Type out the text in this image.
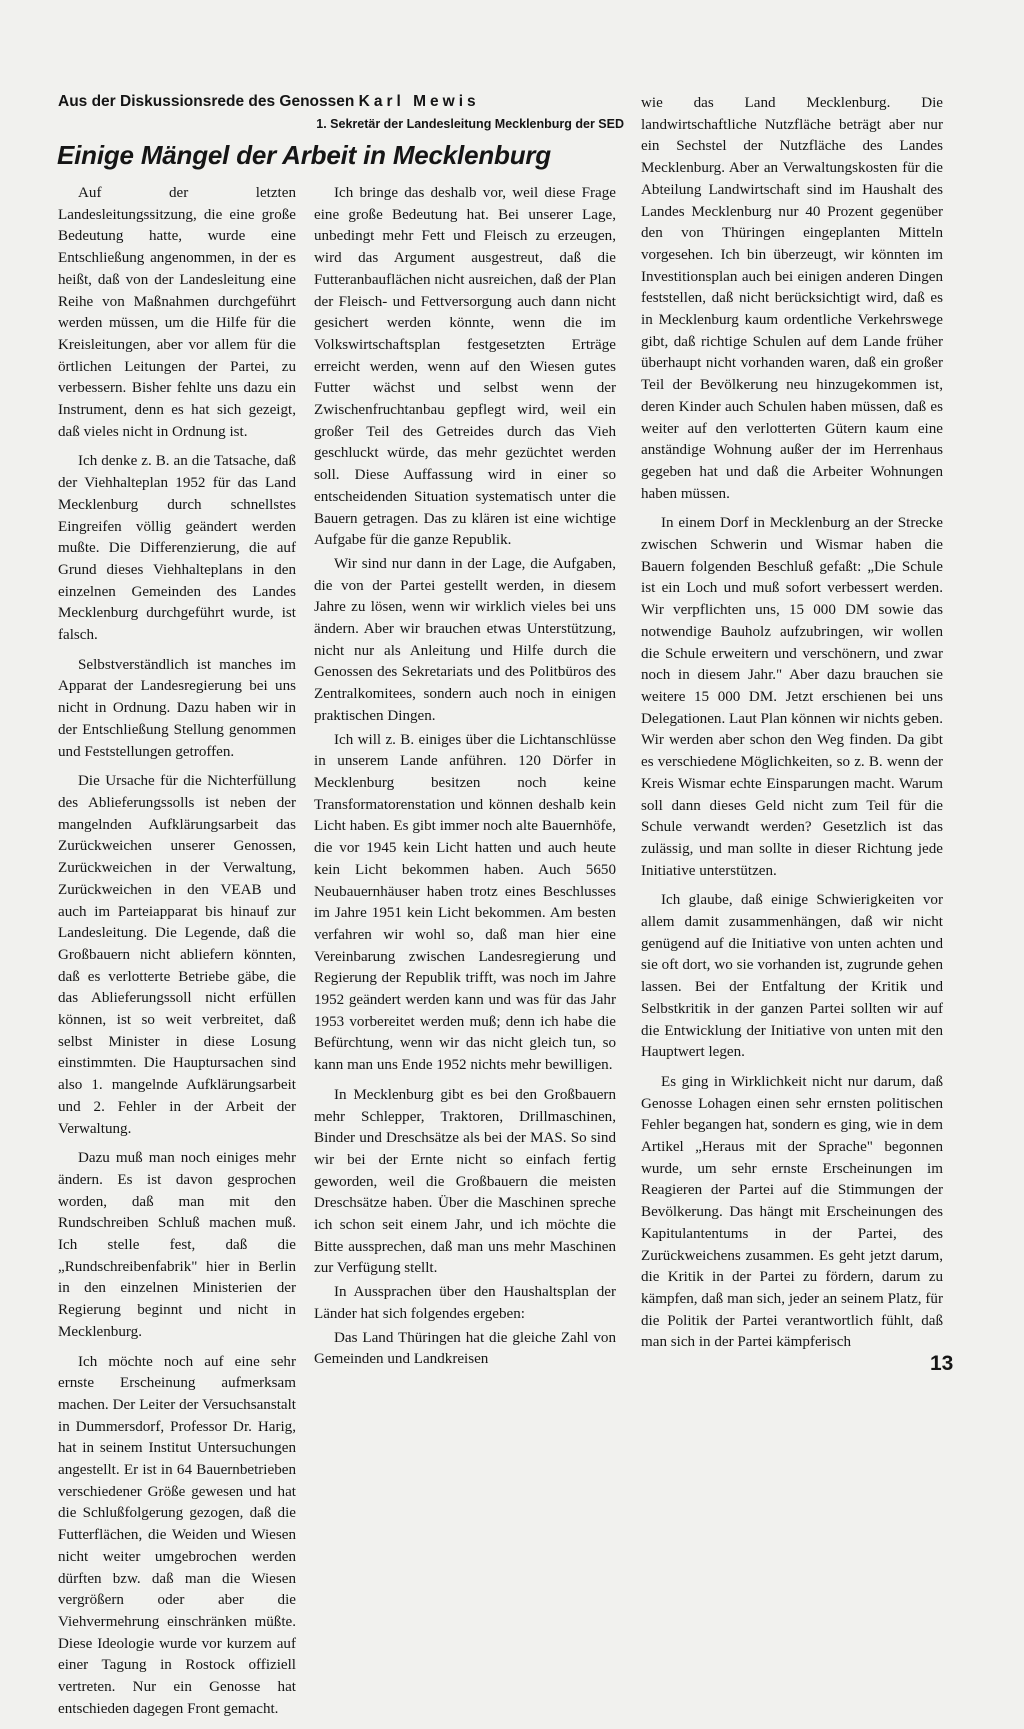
Aus der Diskussionsrede des Genossen Karl Mewis
1. Sekretär der Landesleitung Mecklenburg der SED
Einige Mängel der Arbeit in Mecklenburg

Auf der letzten Landesleitungssitzung, die eine große Bedeutung hatte, wurde eine Entschließung angenommen, in der es heißt, daß von der Landesleitung eine Reihe von Maßnahmen durchgeführt werden müssen, um die Hilfe für die Kreisleitungen, aber vor allem für die örtlichen Leitungen der Partei, zu verbessern. Bisher fehlte uns dazu ein Instrument, denn es hat sich gezeigt, daß vieles nicht in Ordnung ist.

Ich denke z. B. an die Tatsache, daß der Viehhalteplan 1952 für das Land Mecklenburg durch schnellstes Eingreifen völlig geändert werden mußte. Die Differenzierung, die auf Grund dieses Viehhalteplans in den einzelnen Gemeinden des Landes Mecklenburg durchgeführt wurde, ist falsch.

Selbstverständlich ist manches im Apparat der Landesregierung bei uns nicht in Ordnung. Dazu haben wir in der Entschließung Stellung genommen und Feststellungen getroffen.

Die Ursache für die Nichterfüllung des Ablieferungssolls ist neben der mangelnden Aufklärungsarbeit das Zurückweichen unserer Genossen, Zurückweichen in der Verwaltung, Zurückweichen in den VEAB und auch im Parteiapparat bis hinauf zur Landesleitung. Die Legende, daß die Großbauern nicht abliefern könnten, daß es verlotterte Betriebe gäbe, die das Ablieferungssoll nicht erfüllen können, ist so weit verbreitet, daß selbst Minister in diese Losung einstimmten. Die Hauptursachen sind also 1. mangelnde Aufklärungsarbeit und 2. Fehler in der Arbeit der Verwaltung.

Dazu muß man noch einiges mehr ändern. Es ist davon gesprochen worden, daß man mit den Rundschreiben Schluß machen muß. Ich stelle fest, daß die „Rundschreibenfabrik" hier in Berlin in den einzelnen Ministerien der Regierung beginnt und nicht in Mecklenburg.

Ich möchte noch auf eine sehr ernste Erscheinung aufmerksam machen. Der Leiter der Versuchsanstalt in Dummersdorf, Professor Dr. Harig, hat in seinem Institut Untersuchungen angestellt. Er ist in 64 Bauernbetrieben verschiedener Größe gewesen und hat die Schlußfolgerung gezogen, daß die Futterflächen, die Weiden und Wiesen nicht weiter umgebrochen werden dürften bzw. daß man die Wiesen vergrößern oder aber die Viehvermehrung einschränken müßte. Diese Ideologie wurde vor kurzem auf einer Tagung in Rostock offiziell vertreten. Nur ein Genosse hat entschieden dagegen Front gemacht.

Ich bringe das deshalb vor, weil diese Frage eine große Bedeutung hat. Bei unserer Lage, unbedingt mehr Fett und Fleisch zu erzeugen, wird das Argument ausgestreut, daß die Futteranbauflächen nicht ausreichen, daß der Plan der Fleisch- und Fettversorgung auch dann nicht gesichert werden könnte, wenn die im Volkswirtschaftsplan festgesetzten Erträge erreicht werden, wenn auf den Wiesen gutes Futter wächst und selbst wenn der Zwischenfruchtanbau gepflegt wird, weil ein großer Teil des Getreides durch das Vieh geschluckt würde, das mehr gezüchtet werden soll. Diese Auffassung wird in einer so entscheidenden Situation systematisch unter die Bauern getragen. Das zu klären ist eine wichtige Aufgabe für die ganze Republik.

Wir sind nur dann in der Lage, die Aufgaben, die von der Partei gestellt werden, in diesem Jahre zu lösen, wenn wir wirklich vieles bei uns ändern. Aber wir brauchen etwas Unterstützung, nicht nur als Anleitung und Hilfe durch die Genossen des Sekretariats und des Politbüros des Zentralkomitees, sondern auch noch in einigen praktischen Dingen.

Ich will z. B. einiges über die Lichtanschlüsse in unserem Lande anführen. 120 Dörfer in Mecklenburg besitzen noch keine Transformatorenstation und können deshalb kein Licht haben. Es gibt immer noch alte Bauernhöfe, die vor 1945 kein Licht hatten und auch heute kein Licht bekommen haben. Auch 5650 Neubauernhäuser haben trotz eines Beschlusses im Jahre 1951 kein Licht bekommen. Am besten verfahren wir wohl so, daß man hier eine Vereinbarung zwischen Landesregierung und Regierung der Republik trifft, was noch im Jahre 1952 geändert werden kann und was für das Jahr 1953 vorbereitet werden muß; denn ich habe die Befürchtung, wenn wir das nicht gleich tun, so kann man uns Ende 1952 nichts mehr bewilligen.

In Mecklenburg gibt es bei den Großbauern mehr Schlepper, Traktoren, Drillmaschinen, Binder und Dreschsätze als bei der MAS. So sind wir bei der Ernte nicht so einfach fertig geworden, weil die Großbauern die meisten Dreschsätze haben. Über die Maschinen spreche ich schon seit einem Jahr, und ich möchte die Bitte aussprechen, daß man uns mehr Maschinen zur Verfügung stellt.

In Aussprachen über den Haushaltsplan der Länder hat sich folgendes ergeben:

Das Land Thüringen hat die gleiche Zahl von Gemeinden und Landkreisen

wie das Land Mecklenburg. Die landwirtschaftliche Nutzfläche beträgt aber nur ein Sechstel der Nutzfläche des Landes Mecklenburg. Aber an Verwaltungskosten für die Abteilung Landwirtschaft sind im Haushalt des Landes Mecklenburg nur 40 Prozent gegenüber den von Thüringen eingeplanten Mitteln vorgesehen. Ich bin überzeugt, wir könnten im Investitionsplan auch bei einigen anderen Dingen feststellen, daß nicht berücksichtigt wird, daß es in Mecklenburg kaum ordentliche Verkehrswege gibt, daß richtige Schulen auf dem Lande früher überhaupt nicht vorhanden waren, daß ein großer Teil der Bevölkerung neu hinzugekommen ist, deren Kinder auch Schulen haben müssen, daß es weiter auf den verlotterten Gütern kaum eine anständige Wohnung außer der im Herrenhaus gegeben hat und daß die Arbeiter Wohnungen haben müssen.

In einem Dorf in Mecklenburg an der Strecke zwischen Schwerin und Wismar haben die Bauern folgenden Beschluß gefaßt: „Die Schule ist ein Loch und muß sofort verbessert werden. Wir verpflichten uns, 15 000 DM sowie das notwendige Bauholz aufzubringen, wir wollen die Schule erweitern und verschönern, und zwar noch in diesem Jahr." Aber dazu brauchen sie weitere 15 000 DM. Jetzt erschienen bei uns Delegationen. Laut Plan können wir nichts geben. Wir werden aber schon den Weg finden. Da gibt es verschiedene Möglichkeiten, so z. B. wenn der Kreis Wismar echte Einsparungen macht. Warum soll dann dieses Geld nicht zum Teil für die Schule verwandt werden? Gesetzlich ist das zulässig, und man sollte in dieser Richtung jede Initiative unterstützen.

Ich glaube, daß einige Schwierigkeiten vor allem damit zusammenhängen, daß wir nicht genügend auf die Initiative von unten achten und sie oft dort, wo sie vorhanden ist, zugrunde gehen lassen. Bei der Entfaltung der Kritik und Selbstkritik in der ganzen Partei sollten wir auf die Entwicklung der Initiative von unten mit den Hauptwert legen.

Es ging in Wirklichkeit nicht nur darum, daß Genosse Lohagen einen sehr ernsten politischen Fehler begangen hat, sondern es ging, wie in dem Artikel „Heraus mit der Sprache" begonnen wurde, um sehr ernste Erscheinungen im Reagieren der Partei auf die Stimmungen der Bevölkerung. Das hängt mit Erscheinungen des Kapitulantentums in der Partei, des Zurückweichens zusammen. Es geht jetzt darum, die Kritik in der Partei zu fördern, darum zu kämpfen, daß man sich, jeder an seinem Platz, für die Politik der Partei verantwortlich fühlt, daß man sich in der Partei kämpferisch

13
